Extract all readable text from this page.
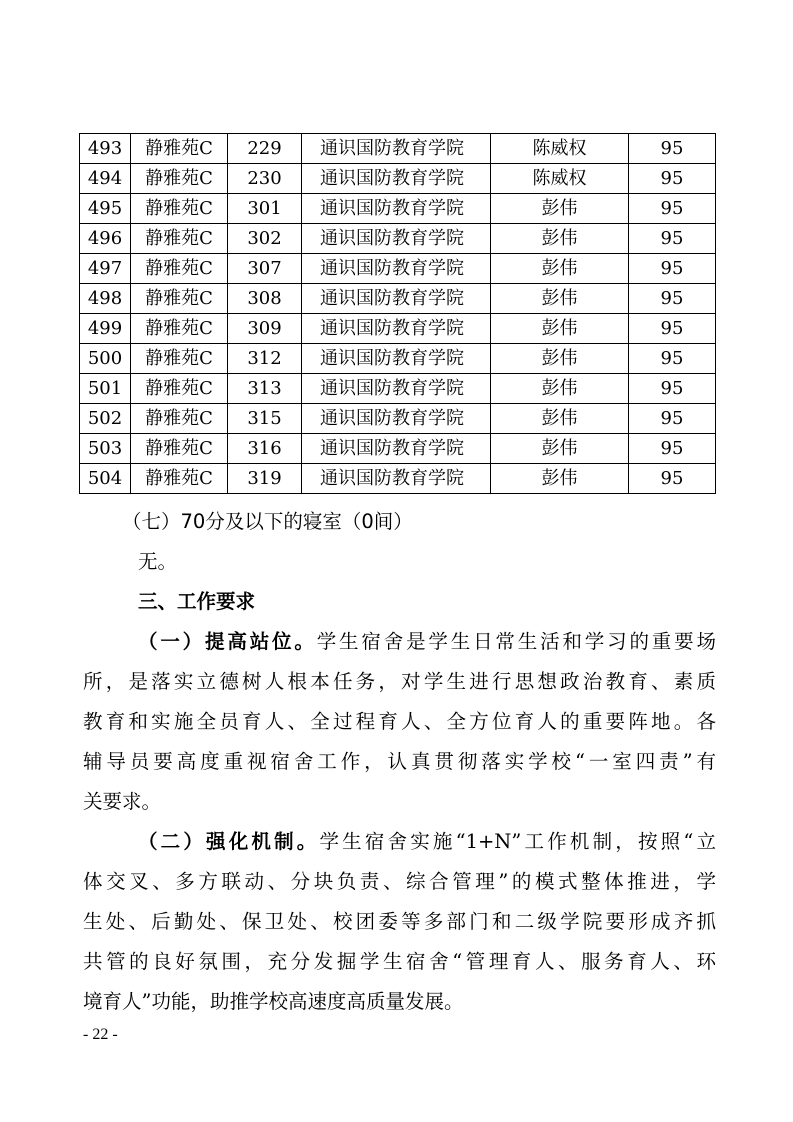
493	静雅苑C	229	通识国防教育学院	陈威权	95
494	静雅苑C	230	通识国防教育学院	陈威权	95
495	静雅苑C	301	通识国防教育学院	彭伟	95
496	静雅苑C	302	通识国防教育学院	彭伟	95
497	静雅苑C	307	通识国防教育学院	彭伟	95
498	静雅苑C	308	通识国防教育学院	彭伟	95
499	静雅苑C	309	通识国防教育学院	彭伟	95
500	静雅苑C	312	通识国防教育学院	彭伟	95
501	静雅苑C	313	通识国防教育学院	彭伟	95
502	静雅苑C	315	通识国防教育学院	彭伟	95
503	静雅苑C	316	通识国防教育学院	彭伟	95
504	静雅苑C	319	通识国防教育学院	彭伟	95
（七）70分及以下的寝室（0间）
无。
三、工作要求
（一）提高站位。学生宿舍是学生日常生活和学习的重要场
所，是落实立德树人根本任务，对学生进行思想政治教育、素质
教育和实施全员育人、全过程育人、全方位育人的重要阵地。各
辅导员要高度重视宿舍工作，认真贯彻落实学校“一室四责”有
关要求。
（二）强化机制。学生宿舍实施“1+N”工作机制，按照“立
体交叉、多方联动、分块负责、综合管理”的模式整体推进，学
生处、后勤处、保卫处、校团委等多部门和二级学院要形成齐抓
共管的良好氛围，充分发掘学生宿舍“管理育人、服务育人、环
境育人”功能，助推学校高速度高质量发展。
- 22 -
